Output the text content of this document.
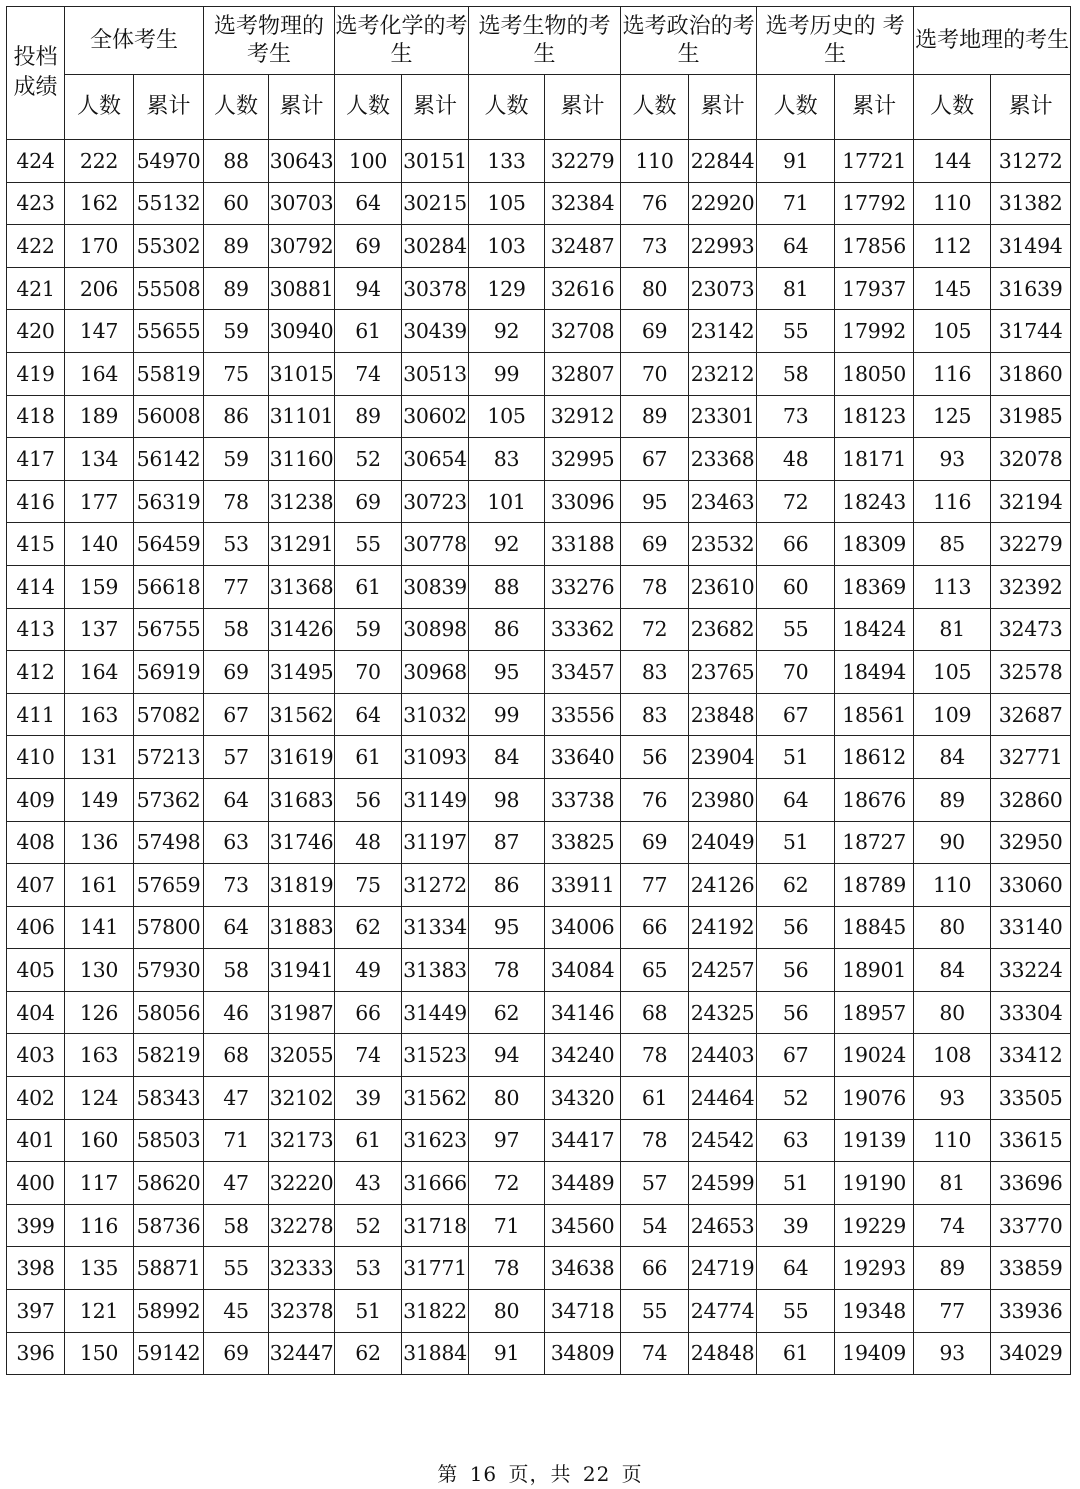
投档成绩	全体考生		选考物理的考生		选考化学的考生		选考生物的考生		选考政治的考生		选考历史的 考生		选考地理的考生	
	人数	累计	人数	累计	人数	累计	人数	累计	人数	累计	人数	累计	人数	累计
424	222	54970	88	30643	100	30151	133	32279	110	22844	91	17721	144	31272
423	162	55132	60	30703	64	30215	105	32384	76	22920	71	17792	110	31382
422	170	55302	89	30792	69	30284	103	32487	73	22993	64	17856	112	31494
421	206	55508	89	30881	94	30378	129	32616	80	23073	81	17937	145	31639
420	147	55655	59	30940	61	30439	92	32708	69	23142	55	17992	105	31744
419	164	55819	75	31015	74	30513	99	32807	70	23212	58	18050	116	31860
418	189	56008	86	31101	89	30602	105	32912	89	23301	73	18123	125	31985
417	134	56142	59	31160	52	30654	83	32995	67	23368	48	18171	93	32078
416	177	56319	78	31238	69	30723	101	33096	95	23463	72	18243	116	32194
415	140	56459	53	31291	55	30778	92	33188	69	23532	66	18309	85	32279
414	159	56618	77	31368	61	30839	88	33276	78	23610	60	18369	113	32392
413	137	56755	58	31426	59	30898	86	33362	72	23682	55	18424	81	32473
412	164	56919	69	31495	70	30968	95	33457	83	23765	70	18494	105	32578
411	163	57082	67	31562	64	31032	99	33556	83	23848	67	18561	109	32687
410	131	57213	57	31619	61	31093	84	33640	56	23904	51	18612	84	32771
409	149	57362	64	31683	56	31149	98	33738	76	23980	64	18676	89	32860
408	136	57498	63	31746	48	31197	87	33825	69	24049	51	18727	90	32950
407	161	57659	73	31819	75	31272	86	33911	77	24126	62	18789	110	33060
406	141	57800	64	31883	62	31334	95	34006	66	24192	56	18845	80	33140
405	130	57930	58	31941	49	31383	78	34084	65	24257	56	18901	84	33224
404	126	58056	46	31987	66	31449	62	34146	68	24325	56	18957	80	33304
403	163	58219	68	32055	74	31523	94	34240	78	24403	67	19024	108	33412
402	124	58343	47	32102	39	31562	80	34320	61	24464	52	19076	93	33505
401	160	58503	71	32173	61	31623	97	34417	78	24542	63	19139	110	33615
400	117	58620	47	32220	43	31666	72	34489	57	24599	51	19190	81	33696
399	116	58736	58	32278	52	31718	71	34560	54	24653	39	19229	74	33770
398	135	58871	55	32333	53	31771	78	34638	66	24719	64	19293	89	33859
397	121	58992	45	32378	51	31822	80	34718	55	24774	55	19348	77	33936
396	150	59142	69	32447	62	31884	91	34809	74	24848	61	19409	93	34029
第 16 页，共 22 页
